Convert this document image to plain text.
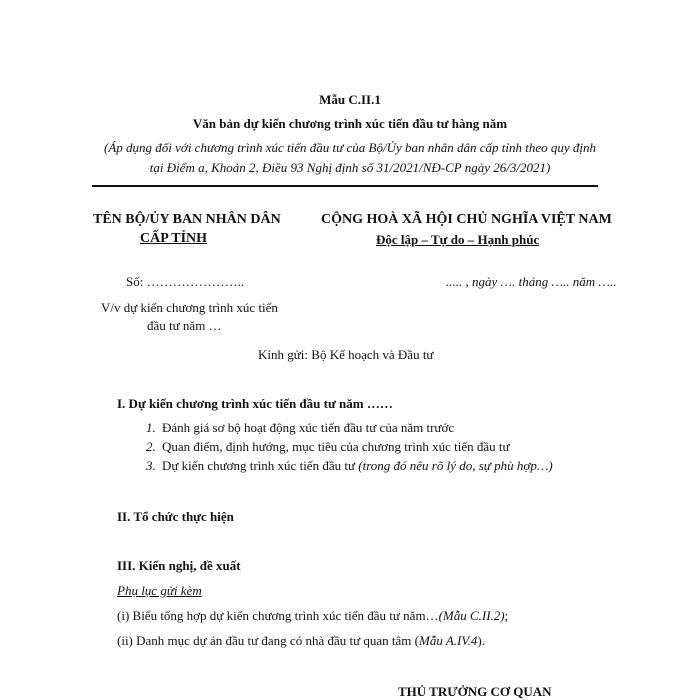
Mẫu C.II.1
Văn bản dự kiến chương trình xúc tiến đầu tư hàng năm
(Áp dụng đối với chương trình xúc tiến đầu tư của Bộ/Ủy ban nhân dân cấp tỉnh theo quy định
tại Điểm a, Khoản 2, Điều 93 Nghị định số 31/2021/NĐ-CP ngày 26/3/2021)
TÊN BỘ/ỦY BAN NHÂN DÂN
CẤP TỈNH
Số: …………………..
V/v dự kiến chương trình xúc tiến
đầu tư năm …
CỘNG HOÀ XÃ HỘI CHỦ NGHĨA VIỆT NAM
Độc lập – Tự do – Hạnh phúc
..... , ngày …. tháng ….. năm …..
Kính gửi: Bộ Kế hoạch và Đầu tư
I. Dự kiến chương trình xúc tiến đầu tư năm ……
1. Đánh giá sơ bộ hoạt động xúc tiến đầu tư của năm trước
2. Quan điểm, định hướng, mục tiêu của chương trình xúc tiến đầu tư
3. Dự kiến chương trình xúc tiến đầu tư (trong đó nêu rõ lý do, sự phù hợp…)
II. Tổ chức thực hiện
III. Kiến nghị, đề xuất
Phụ lục gửi kèm
(i) Biểu tổng hợp dự kiến chương trình xúc tiến đầu tư năm…(Mẫu C.II.2);
(ii) Danh mục dự án đầu tư đang có nhà đầu tư quan tâm (Mẫu A.IV.4).
THỦ TRƯỞNG CƠ QUAN
